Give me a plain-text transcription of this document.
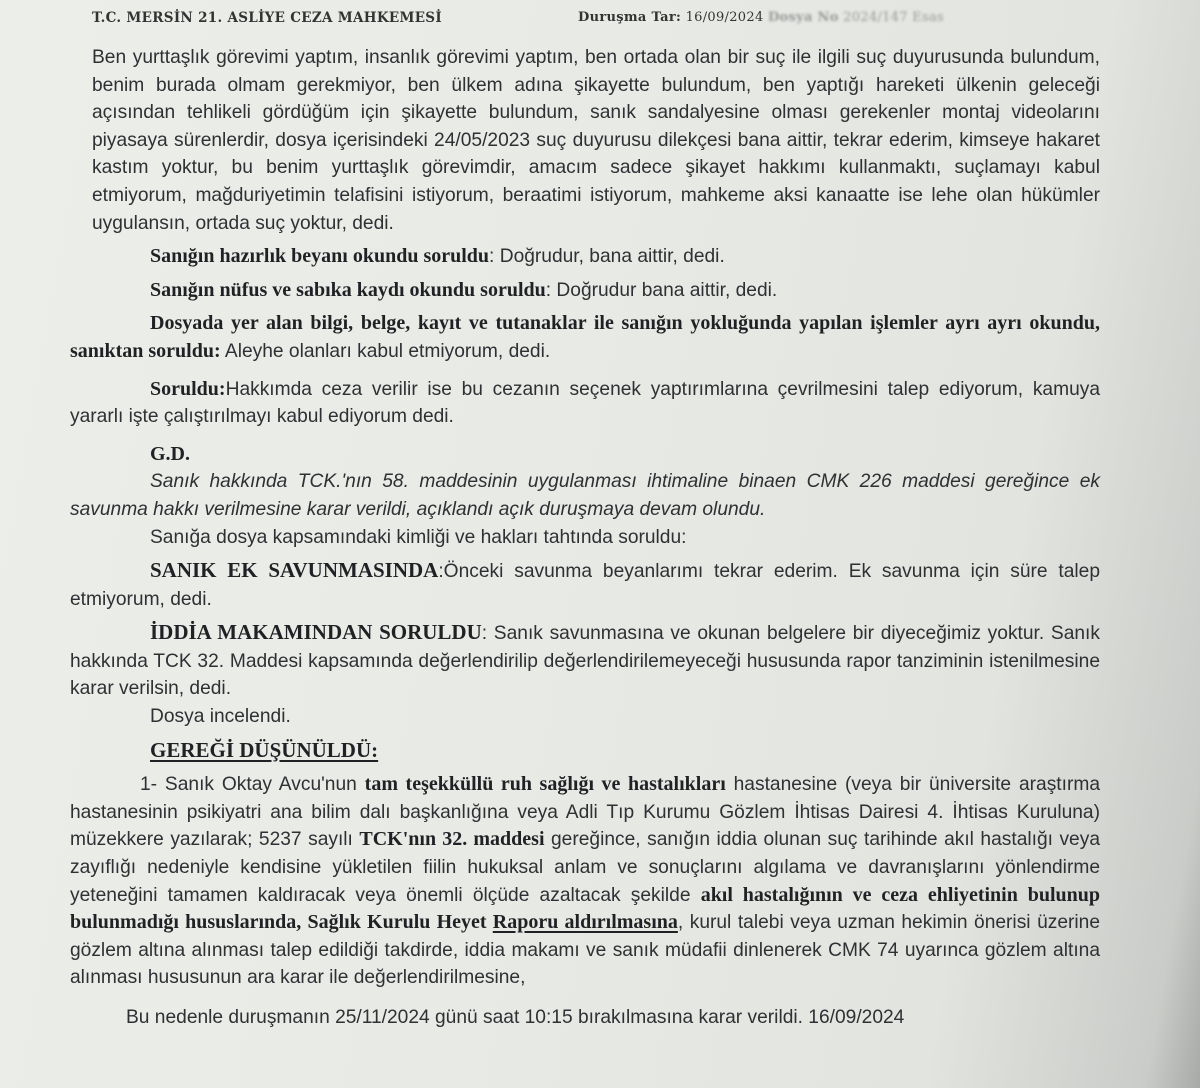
T.C. MERSİN 21. ASLİYE CEZA MAHKEMESİ	Duruşma Tar: 16/09/2024 Dosya No 2024/147 Esas

Ben yurttaşlık görevimi yaptım, insanlık görevimi yaptım, ben ortada olan bir suç ile ilgili suç duyurusunda bulundum, benim burada olmam gerekmiyor, ben ülkem adına şikayette bulundum, ben yaptığı hareketi ülkenin geleceği açısından tehlikeli gördüğüm için şikayette bulundum, sanık sandalyesine olması gerekenler montaj videolarını piyasaya sürenlerdir, dosya içerisindeki 24/05/2023 suç duyurusu dilekçesi bana aittir, tekrar ederim, kimseye hakaret kastım yoktur, bu benim yurttaşlık görevimdir, amacım sadece şikayet hakkımı kullanmaktı, suçlamayı kabul etmiyorum, mağduriyetimin telafisini istiyorum, beraatimi istiyorum, mahkeme aksi kanaatte ise lehe olan hükümler uygulansın, ortada suç yoktur, dedi.

Sanığın hazırlık beyanı okundu soruldu: Doğrudur, bana aittir, dedi.

Sanığın nüfus ve sabıka kaydı okundu soruldu: Doğrudur bana aittir, dedi.

Dosyada yer alan bilgi, belge, kayıt ve tutanaklar ile sanığın yokluğunda yapılan işlemler ayrı ayrı okundu, sanıktan soruldu: Aleyhe olanları kabul etmiyorum, dedi.

Soruldu:Hakkımda ceza verilir ise bu cezanın seçenek yaptırımlarına çevrilmesini talep ediyorum, kamuya yararlı işte çalıştırılmayı kabul ediyorum dedi.

G.D.

Sanık hakkında TCK.'nın 58. maddesinin uygulanması ihtimaline binaen CMK 226 maddesi gereğince ek savunma hakkı verilmesine karar verildi, açıklandı açık duruşmaya devam olundu.

Sanığa dosya kapsamındaki kimliği ve hakları tahtında soruldu:

SANIK EK SAVUNMASINDA:Önceki savunma beyanlarımı tekrar ederim. Ek savunma için süre talep etmiyorum, dedi.

İDDİA MAKAMINDAN SORULDU: Sanık savunmasına ve okunan belgelere bir diyeceğimiz yoktur. Sanık hakkında TCK 32. Maddesi kapsamında değerlendirilip değerlendirilemeyeceği hususunda rapor tanziminin istenilmesine karar verilsin, dedi.

Dosya incelendi.

GEREĞİ DÜŞÜNÜLDÜ:

1- Sanık Oktay Avcu'nun tam teşekküllü ruh sağlığı ve hastalıkları hastanesine (veya bir üniversite araştırma hastanesinin psikiyatri ana bilim dalı başkanlığına veya Adli Tıp Kurumu Gözlem İhtisas Dairesi 4. İhtisas Kuruluna) müzekkere yazılarak; 5237 sayılı TCK'nın 32. maddesi gereğince, sanığın iddia olunan suç tarihinde akıl hastalığı veya zayıflığı nedeniyle kendisine yükletilen fiilin hukuksal anlam ve sonuçlarını algılama ve davranışlarını yönlendirme yeteneğini tamamen kaldıracak veya önemli ölçüde azaltacak şekilde akıl hastalığının ve ceza ehliyetinin bulunup bulunmadığı hususlarında, Sağlık Kurulu Heyet Raporu aldırılmasına, kurul talebi veya uzman hekimin önerisi üzerine gözlem altına alınması talep edildiği takdirde, iddia makamı ve sanık müdafii dinlenerek CMK 74 uyarınca gözlem altına alınması hususunun ara karar ile değerlendirilmesine,

Bu nedenle duruşmanın 25/11/2024 günü saat 10:15 bırakılmasına karar verildi. 16/09/2024
